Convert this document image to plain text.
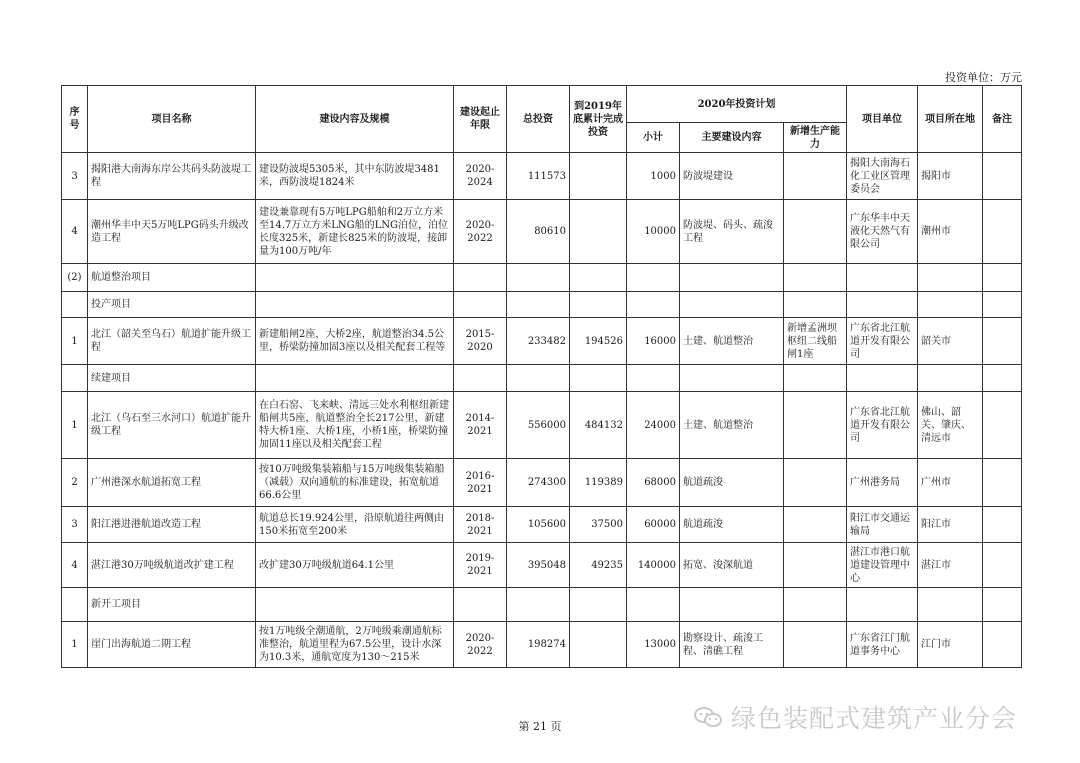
投资单位：万元
序号	项目名称	建设内容及规模	建设起止年限	总投资	到2019年底累计完成投资	2020年投资计划			项目单位	项目所在地	备注
						小计	主要建设内容	新增生产能力			
3	揭阳港大南海东岸公共码头防波堤工程	建设防波堤5305米，其中东防波堤3481米，西防波堤1824米	2020-2024	111573		1000	防波堤建设		揭阳大南海石化工业区管理委员会	揭阳市	
4	潮州华丰中天5万吨LPG码头升级改造工程	建设兼靠现有5万吨LPG船舶和2万立方米至14.7万立方米LNG船的LNG泊位，泊位长度325米，新建长825米的防波堤，接卸量为100万吨/年	2020-2022	80610		10000	防波堤、码头、疏浚工程		广东华丰中天液化天然气有限公司	潮州市	
(2)	航道整治项目										
	投产项目										
1	北江（韶关至乌石）航道扩能升级工程	新建船闸2座，大桥2座，航道整治34.5公里，桥梁防撞加固3座以及相关配套工程等	2015-2020	233482	194526	16000	土建、航道整治	新增孟洲坝枢纽二线船闸1座	广东省北江航道开发有限公司	韶关市	
	续建项目										
1	北江（乌石至三水河口）航道扩能升级工程	在白石窑、飞来峡、清远三处水利枢纽新建船闸共5座，航道整治全长217公里，新建特大桥1座、大桥1座，小桥1座，桥梁防撞加固11座以及相关配套工程	2014-2021	556000	484132	24000	土建、航道整治		广东省北江航道开发有限公司	佛山、韶关、肇庆、清远市	
2	广州港深水航道拓宽工程	按10万吨级集装箱船与15万吨级集装箱船（减载）双向通航的标准建设，拓宽航道66.6公里	2016-2021	274300	119389	68000	航道疏浚		广州港务局	广州市	
3	阳江港进港航道改造工程	航道总长19.924公里，沿原航道往两侧由150米拓宽至200米	2018-2021	105600	37500	60000	航道疏浚		阳江市交通运输局	阳江市	
4	湛江港30万吨级航道改扩建工程	改扩建30万吨级航道64.1公里	2019-2021	395048	49235	140000	拓宽、浚深航道		湛江市港口航道建设管理中心	湛江市	
	新开工项目										
1	崖门出海航道二期工程	按1万吨级全潮通航，2万吨级乘潮通航标准整治，航道里程为67.5公里，设计水深为10.3米，通航宽度为130～215米	2020-2022	198274		13000	勘察设计、疏浚工程、清礁工程		广东省江门航道事务中心	江门市	
第 21 页	绿色装配式建筑产业分会
